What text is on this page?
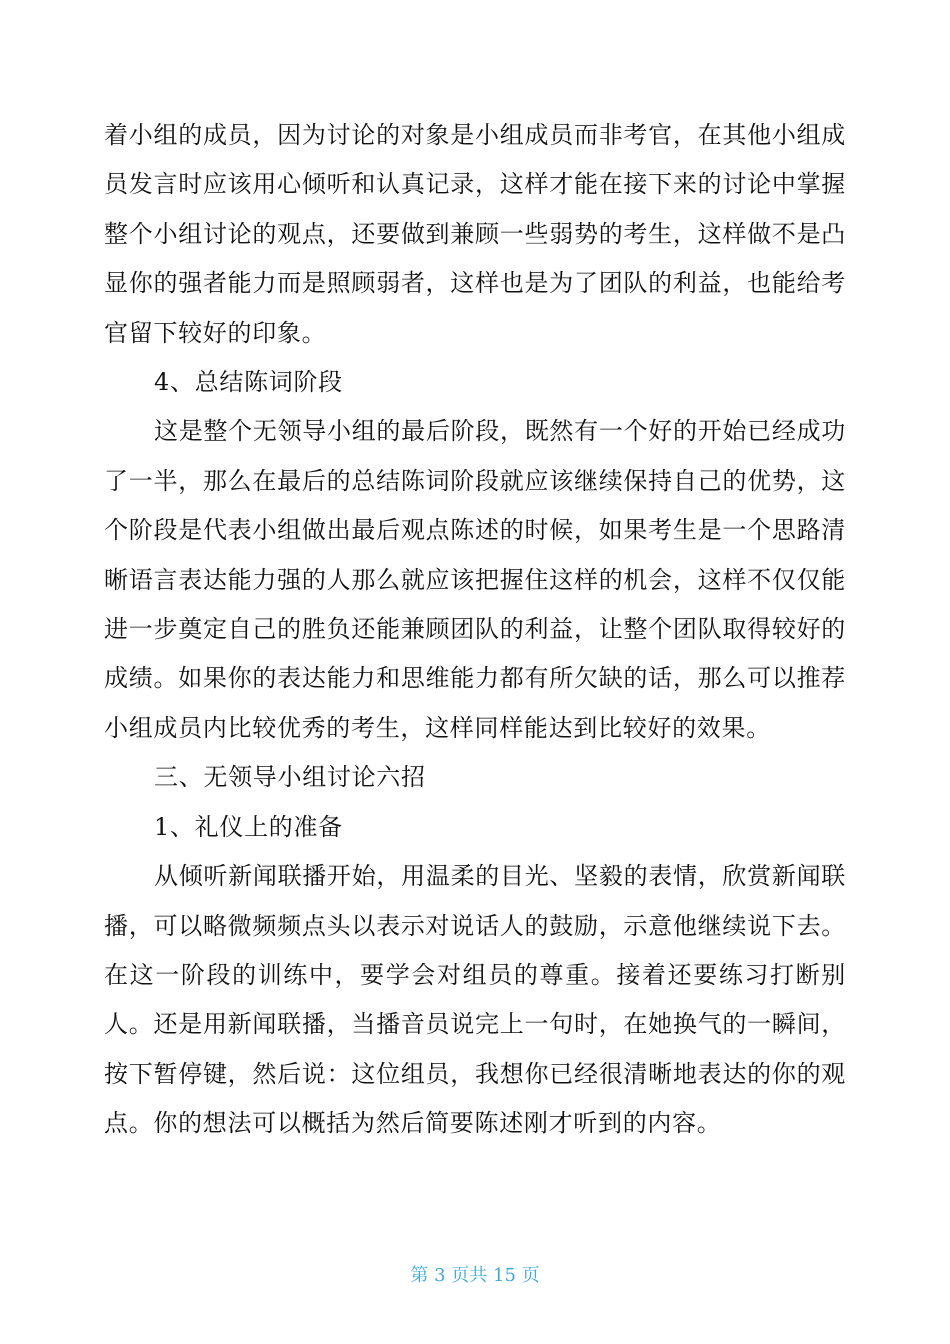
着小组的成员，因为讨论的对象是小组成员而非考官，在其他小组成员发言时应该用心倾听和认真记录，这样才能在接下来的讨论中掌握整个小组讨论的观点，还要做到兼顾一些弱势的考生，这样做不是凸显你的强者能力而是照顾弱者，这样也是为了团队的利益，也能给考官留下较好的印象。

4、总结陈词阶段

这是整个无领导小组的最后阶段，既然有一个好的开始已经成功了一半，那么在最后的总结陈词阶段就应该继续保持自己的优势，这个阶段是代表小组做出最后观点陈述的时候，如果考生是一个思路清晰语言表达能力强的人那么就应该把握住这样的机会，这样不仅仅能进一步奠定自己的胜负还能兼顾团队的利益，让整个团队取得较好的成绩。如果你的表达能力和思维能力都有所欠缺的话，那么可以推荐小组成员内比较优秀的考生，这样同样能达到比较好的效果。

三、无领导小组讨论六招

1、礼仪上的准备

从倾听新闻联播开始，用温柔的目光、坚毅的表情，欣赏新闻联播，可以略微频频点头以表示对说话人的鼓励，示意他继续说下去。在这一阶段的训练中，要学会对组员的尊重。接着还要练习打断别人。还是用新闻联播，当播音员说完上一句时，在她换气的一瞬间，按下暂停键，然后说：这位组员，我想你已经很清晰地表达的你的观点。你的想法可以概括为然后简要陈述刚才听到的内容。

第 3 页共 15 页
